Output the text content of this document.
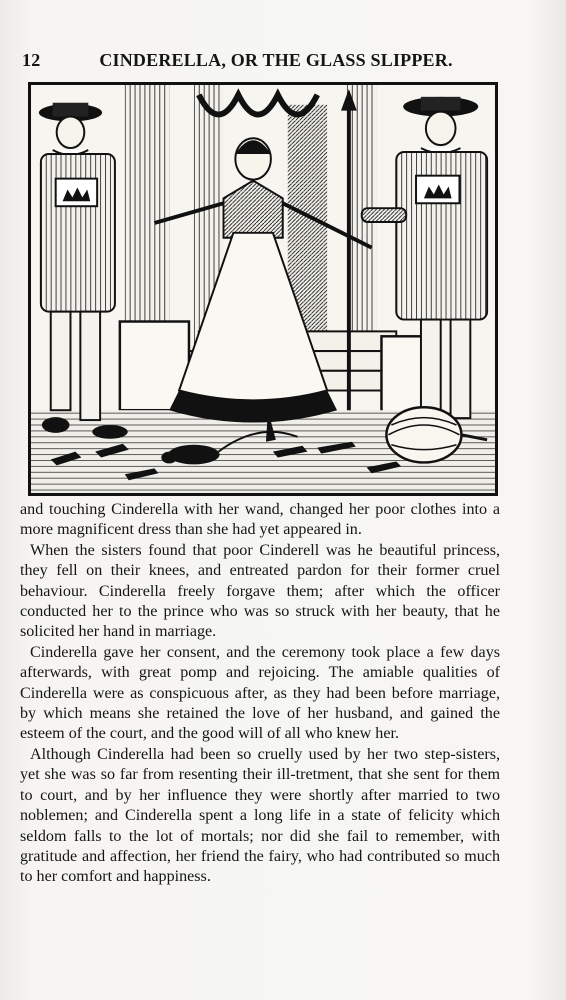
12	CINDERELLA, OR THE GLASS SLIPPER.

and touching Cinderella with her wand, changed her poor clothes into a more magnificent dress than she had yet appeared in.

When the sisters found that poor Cinderell was he beautiful princess, they fell on their knees, and entreated pardon for their former cruel behaviour. Cinderella freely forgave them; after which the officer conducted her to the prince who was so struck with her beauty, that he solicited her hand in marriage.

Cinderella gave her consent, and the ceremony took place a few days afterwards, with great pomp and rejoicing. The amiable qualities of Cinderella were as conspicuous after, as they had been before marriage, by which means she retained the love of her husband, and gained the esteem of the court, and the good will of all who knew her.

Although Cinderella had been so cruelly used by her two step-sisters, yet she was so far from resenting their ill-tretment, that she sent for them to court, and by her influence they were shortly after married to two noblemen; and Cinderella spent a long life in a state of felicity which seldom falls to the lot of mortals; nor did she fail to remember, with gratitude and affection, her friend the fairy, who had contributed so much to her comfort and happiness.
